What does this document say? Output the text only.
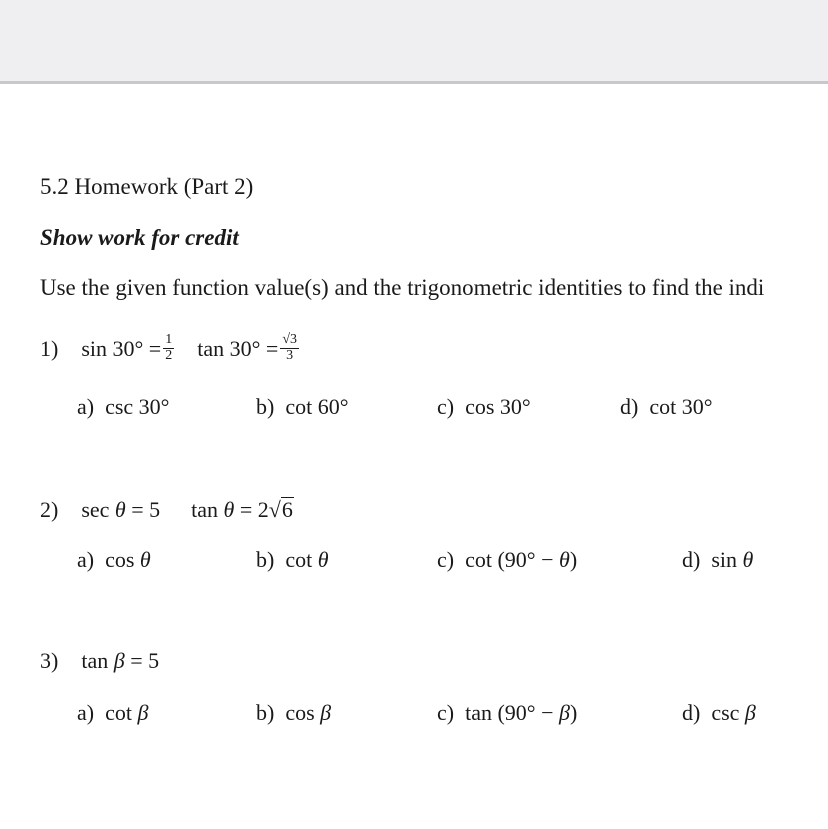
5.2 Homework (Part 2)
Show work for credit
Use the given function value(s) and the trigonometric identities to find the indi
1) $\sin 30^\circ = \frac{1}{2}$ $\tan 30^\circ = \frac{√3}{3}$
a) csc 30°	b) cot 60°	c) cos 30°	d) cot 30°
2) sec θ = 5 tan θ = 2√6
a) cos θ	b) cot θ	c) cot (90° − θ)	d) sin θ
3) tan β = 5
a) cot β	b) cos β	c) tan (90° − β)	d) csc β
